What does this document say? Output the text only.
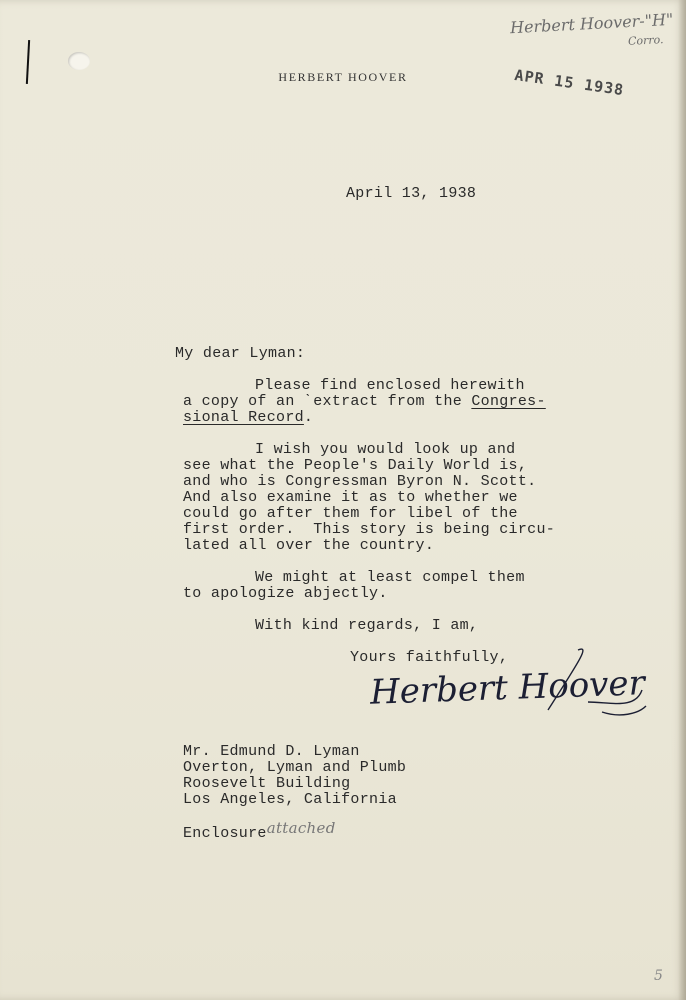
Herbert Hoover-"H"
Corro.
HERBERT HOOVER	APR 15 1938
April 13, 1938
My dear Lyman:
Please find enclosed herewith
a copy of an ˋextract from the Congres-
sional Record.
I wish you would look up and
see what the People's Daily World is,
and who is Congressman Byron N. Scott.
And also examine it as to whether we
could go after them for libel of the
first order.  This story is being circu-
lated all over the country.
We might at least compel them
to apologize abjectly.
With kind regards, I am,
Yours faithfully,
Herbert Hoover
Mr. Edmund D. Lyman
Overton, Lyman and Plumb
Roosevelt Building
Los Angeles, California
Enclosureattached
5
